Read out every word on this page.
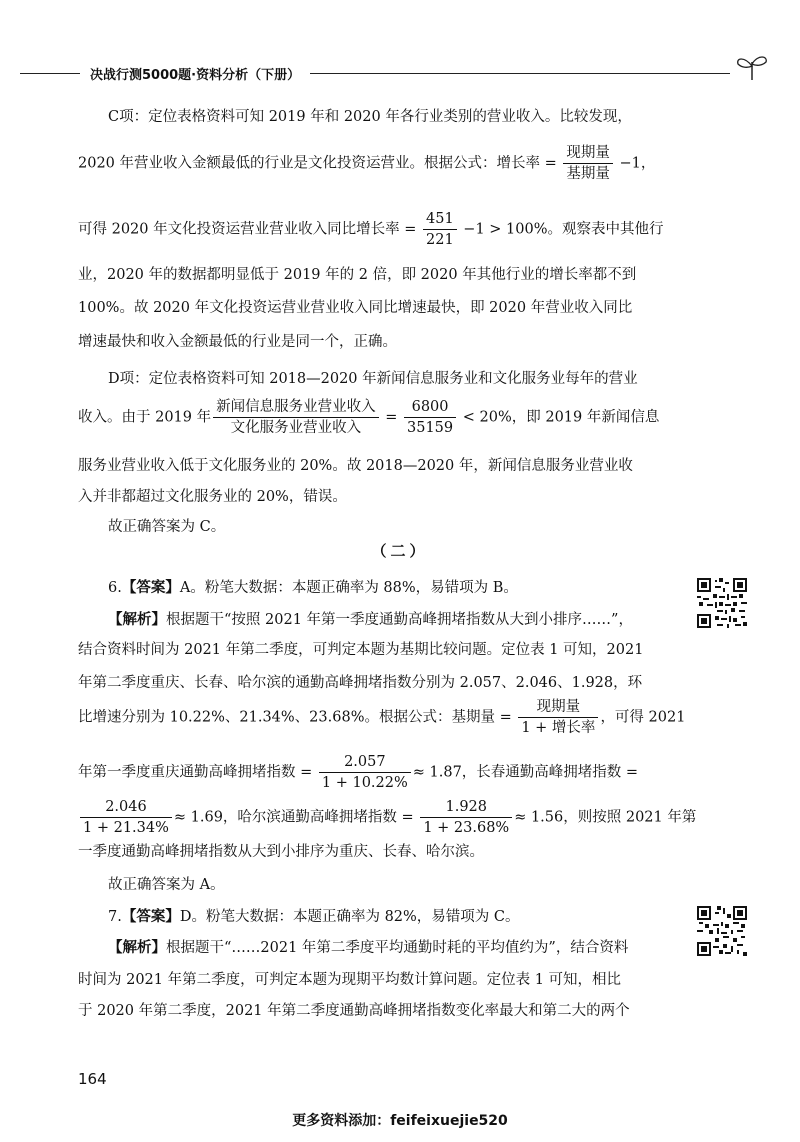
决战行测5000题·资料分析（下册）
C项：定位表格资料可知 2019 年和 2020 年各行业类别的营业收入。比较发现，
2020 年营业收入金额最低的行业是文化投资运营业。根据公式：增长率 = $\frac{\text{现期量}}{\text{基期量}} -1$，
可得 2020 年文化投资运营业营业收入同比增长率 = $\frac{451}{221} -1 > 100\%$。观察表中其他行
业，2020 年的数据都明显低于 2019 年的 2 倍，即 2020 年其他行业的增长率都不到
100%。故 2020 年文化投资运营业营业收入同比增速最快，即 2020 年营业收入同比
增速最快和收入金额最低的行业是同一个，正确。
D项：定位表格资料可知 2018—2020 年新闻信息服务业和文化服务业每年的营业
收入。由于 2019 年 $\frac{\text{新闻信息服务业营业收入}}{\text{文化服务业营业收入}} = \frac{6800}{35159} < 20\%$，即 2019 年新闻信息
服务业营业收入低于文化服务业的 20%。故 2018—2020 年，新闻信息服务业营业收
入并非都超过文化服务业的 20%，错误。
故正确答案为 C。
（二）
6.【答案】A。粉笔大数据：本题正确率为 88%，易错项为 B。
【解析】根据题干“按照 2021 年第一季度通勤高峰拥堵指数从大到小排序……”，
结合资料时间为 2021 年第二季度，可判定本题为基期比较问题。定位表 1 可知，2021
年第二季度重庆、长春、哈尔滨的通勤高峰拥堵指数分别为 2.057、2.046、1.928，环
比增速分别为 10.22%、21.34%、23.68%。根据公式：基期量 = $\frac{\text{现期量}}{\text{1 + 增长率}}$ ，可得 2021
年第一季度重庆通勤高峰拥堵指数 = $\frac{2.057}{1 + 10.22\%} \approx 1.87$，长春通勤高峰拥堵指数 =
$\frac{2.046}{1 + 21.34\%} \approx 1.69$，哈尔滨通勤高峰拥堵指数 = $\frac{1.928}{1 + 23.68\%} \approx 1.56$，则按照 2021 年第
一季度通勤高峰拥堵指数从大到小排序为重庆、长春、哈尔滨。
故正确答案为 A。
7.【答案】D。粉笔大数据：本题正确率为 82%，易错项为 C。
【解析】根据题干“……2021 年第二季度平均通勤时耗的平均值约为”，结合资料
时间为 2021 年第二季度，可判定本题为现期平均数计算问题。定位表 1 可知，相比
于 2020 年第二季度，2021 年第二季度通勤高峰拥堵指数变化率最大和第二大的两个
164
更多资料添加：feifeixuejie520
